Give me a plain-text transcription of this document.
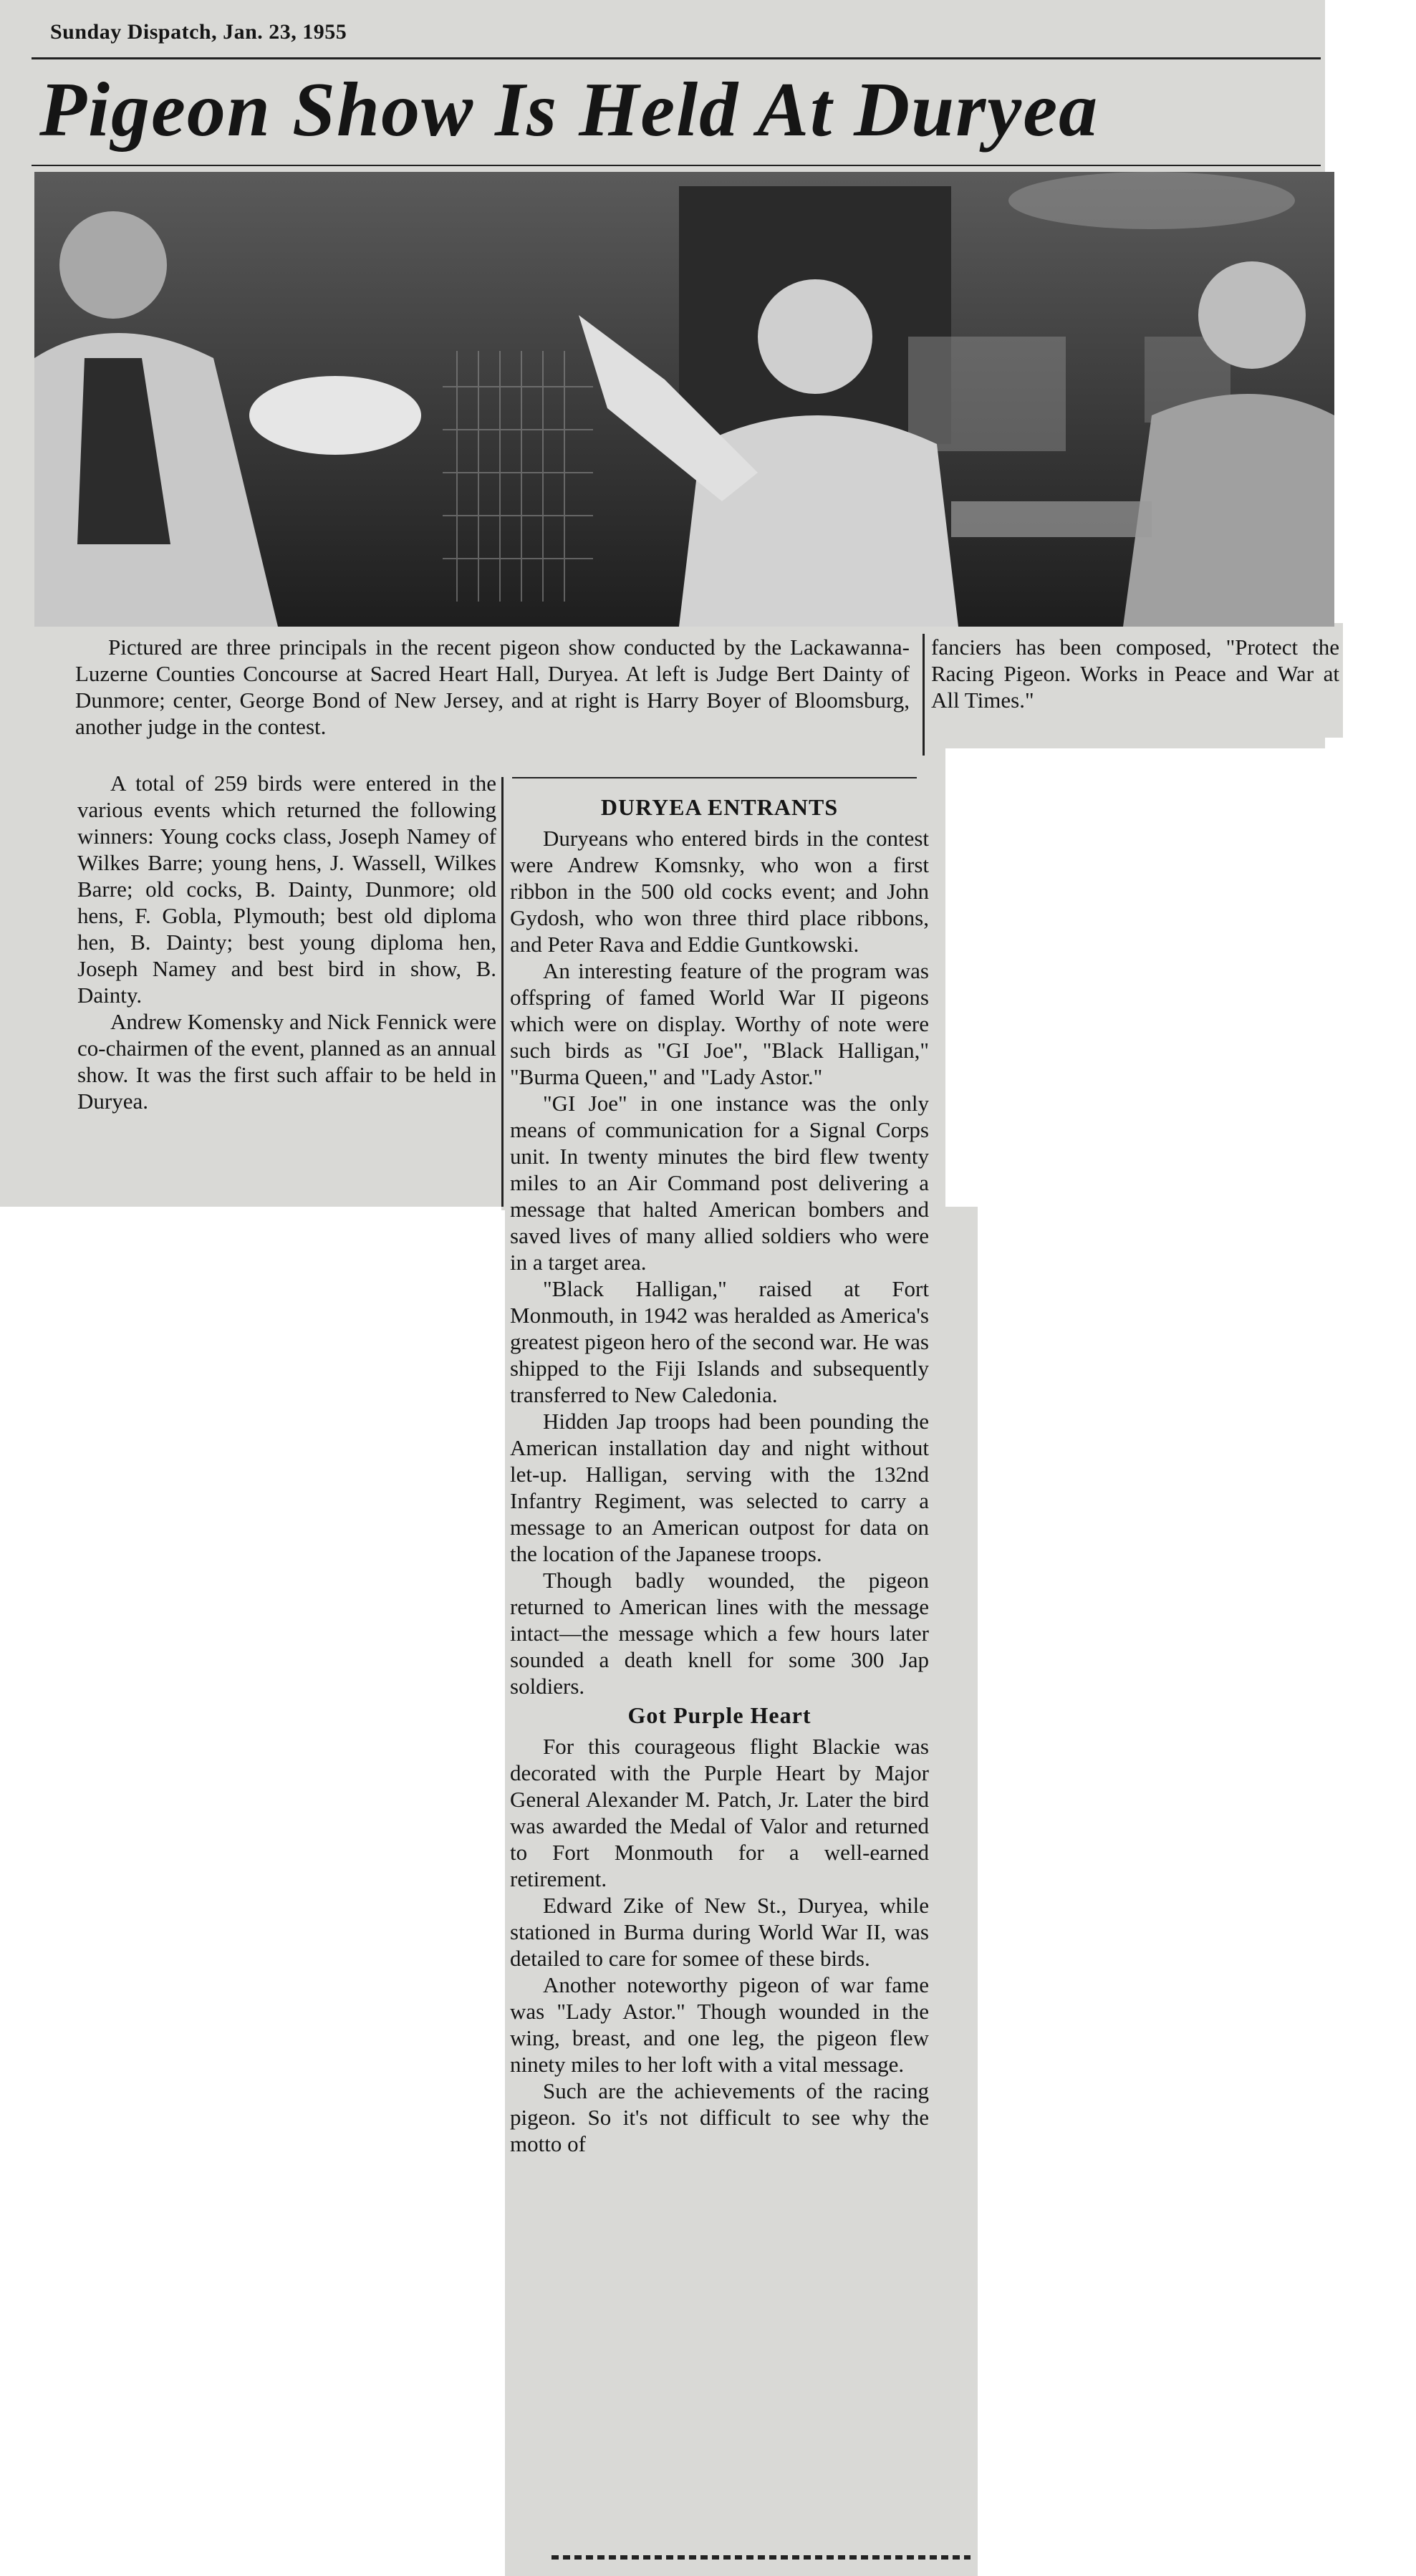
Sunday Dispatch, Jan. 23, 1955
Pigeon Show Is Held At Duryea

Pictured are three principals in the recent pigeon show conducted by the Lackawanna-Luzerne Counties Concourse at Sacred Heart Hall, Duryea. At left is Judge Bert Dainty of Dunmore; center, George Bond of New Jersey, and at right is Harry Boyer of Bloomsburg, another judge in the contest.

fanciers has been composed, "Protect the Racing Pigeon. Works in Peace and War at All Times."

A total of 259 birds were entered in the various events which returned the following winners: Young cocks class, Joseph Namey of Wilkes Barre; young hens, J. Wassell, Wilkes Barre; old cocks, B. Dainty, Dunmore; old hens, F. Gobla, Plymouth; best old diploma hen, B. Dainty; best young diploma hen, Joseph Namey and best bird in show, B. Dainty.

Andrew Komensky and Nick Fennick were co-chairmen of the event, planned as an annual show. It was the first such affair to be held in Duryea.

DURYEA ENTRANTS

Duryeans who entered birds in the contest were Andrew Komsnky, who won a first ribbon in the 500 old cocks event; and John Gydosh, who won three third place ribbons, and Peter Rava and Eddie Guntkowski.

An interesting feature of the program was offspring of famed World War II pigeons which were on display. Worthy of note were such birds as "GI Joe", "Black Halligan," "Burma Queen," and "Lady Astor."

"GI Joe" in one instance was the only means of communication for a Signal Corps unit. In twenty minutes the bird flew twenty miles to an Air Command post delivering a message that halted American bombers and saved lives of many allied soldiers who were in a target area.

"Black Halligan," raised at Fort Monmouth, in 1942 was heralded as America's greatest pigeon hero of the second war. He was shipped to the Fiji Islands and subsequently transferred to New Caledonia.

Hidden Jap troops had been pounding the American installation day and night without let-up. Halligan, serving with the 132nd Infantry Regiment, was selected to carry a message to an American outpost for data on the location of the Japanese troops.

Though badly wounded, the pigeon returned to American lines with the message intact—the message which a few hours later sounded a death knell for some 300 Jap soldiers.

Got Purple Heart

For this courageous flight Blackie was decorated with the Purple Heart by Major General Alexander M. Patch, Jr. Later the bird was awarded the Medal of Valor and returned to Fort Monmouth for a well-earned retirement.

Edward Zike of New St., Duryea, while stationed in Burma during World War II, was detailed to care for somee of these birds.

Another noteworthy pigeon of war fame was "Lady Astor." Though wounded in the wing, breast, and one leg, the pigeon flew ninety miles to her loft with a vital message.

Such are the achievements of the racing pigeon. So it's not difficult to see why the motto of
